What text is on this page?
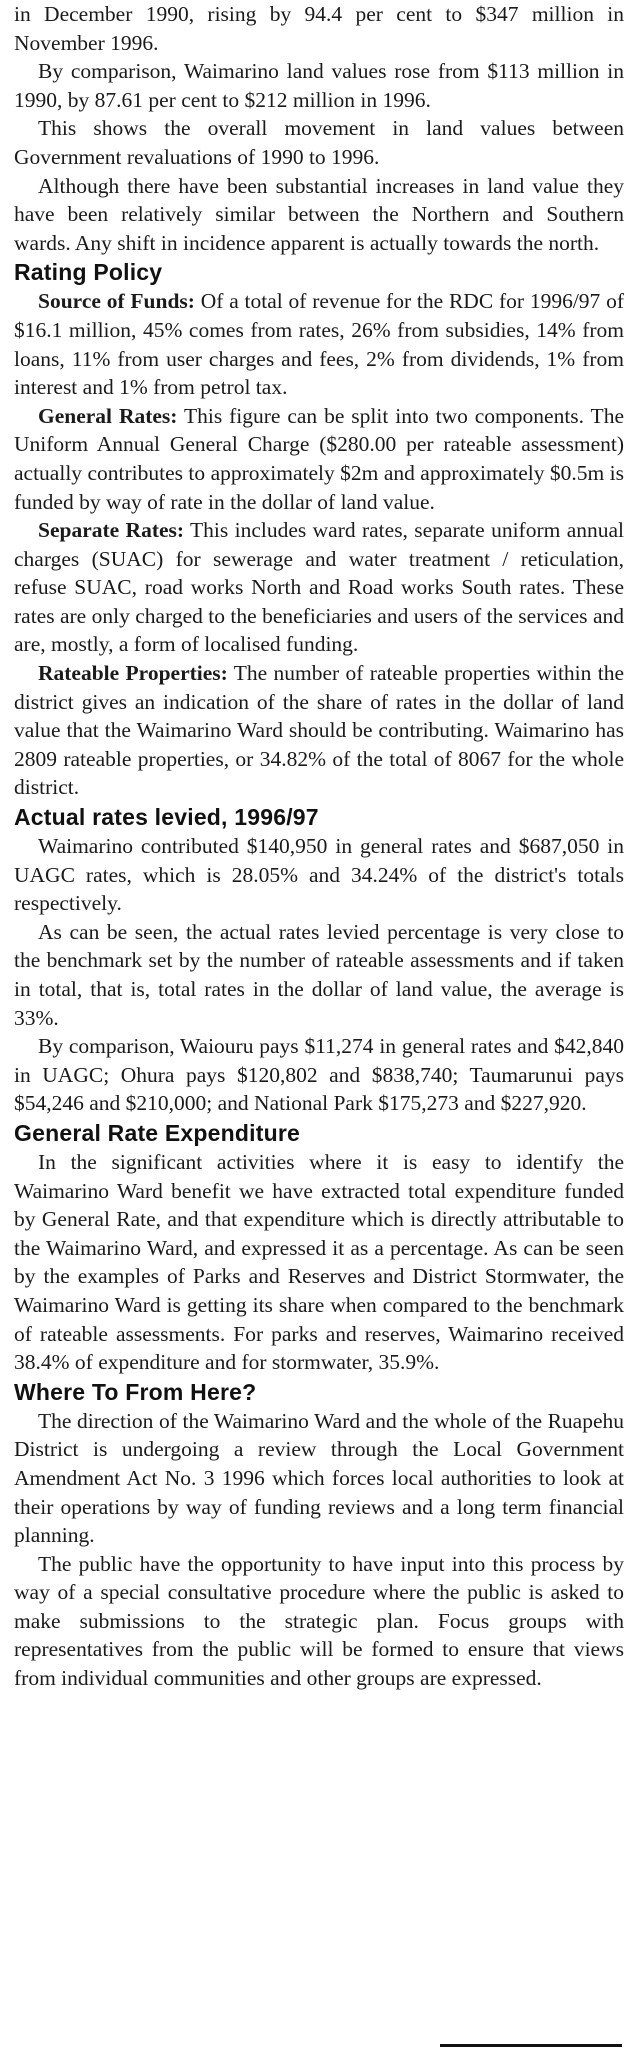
in December 1990, rising by 94.4 per cent to $347 million in November 1996.

By comparison, Waimarino land values rose from $113 million in 1990, by 87.61 per cent to $212 million in 1996.

This shows the overall movement in land values between Government revaluations of 1990 to 1996.

Although there have been substantial increases in land value they have been relatively similar between the Northern and Southern wards. Any shift in incidence apparent is actually towards the north.

Rating Policy

Source of Funds: Of a total of revenue for the RDC for 1996/97 of $16.1 million, 45% comes from rates, 26% from subsidies, 14% from loans, 11% from user charges and fees, 2% from dividends, 1% from interest and 1% from petrol tax.

General Rates: This figure can be split into two components. The Uniform Annual General Charge ($280.00 per rateable assessment) actually contributes to approximately $2m and approximately $0.5m is funded by way of rate in the dollar of land value.

Separate Rates: This includes ward rates, separate uniform annual charges (SUAC) for sewerage and water treatment / reticulation, refuse SUAC, road works North and Road works South rates. These rates are only charged to the beneficiaries and users of the services and are, mostly, a form of localised funding.

Rateable Properties: The number of rateable properties within the district gives an indication of the share of rates in the dollar of land value that the Waimarino Ward should be contributing. Waimarino has 2809 rateable properties, or 34.82% of the total of 8067 for the whole district.

Actual rates levied, 1996/97

Waimarino contributed $140,950 in general rates and $687,050 in UAGC rates, which is 28.05% and 34.24% of the district's totals respectively.

As can be seen, the actual rates levied percentage is very close to the benchmark set by the number of rateable assessments and if taken in total, that is, total rates in the dollar of land value, the average is 33%.

By comparison, Waiouru pays $11,274 in general rates and $42,840 in UAGC; Ohura pays $120,802 and $838,740; Taumarunui pays $54,246 and $210,000; and National Park $175,273 and $227,920.

General Rate Expenditure

In the significant activities where it is easy to identify the Waimarino Ward benefit we have extracted total expenditure funded by General Rate, and that expenditure which is directly attributable to the Waimarino Ward, and expressed it as a percentage. As can be seen by the examples of Parks and Reserves and District Stormwater, the Waimarino Ward is getting its share when compared to the benchmark of rateable assessments. For parks and reserves, Waimarino received 38.4% of expenditure and for stormwater, 35.9%.

Where To From Here?

The direction of the Waimarino Ward and the whole of the Ruapehu District is undergoing a review through the Local Government Amendment Act No. 3 1996 which forces local authorities to look at their operations by way of funding reviews and a long term financial planning.

The public have the opportunity to have input into this process by way of a special consultative procedure where the public is asked to make submissions to the strategic plan. Focus groups with representatives from the public will be formed to ensure that views from individual communities and other groups are expressed.
